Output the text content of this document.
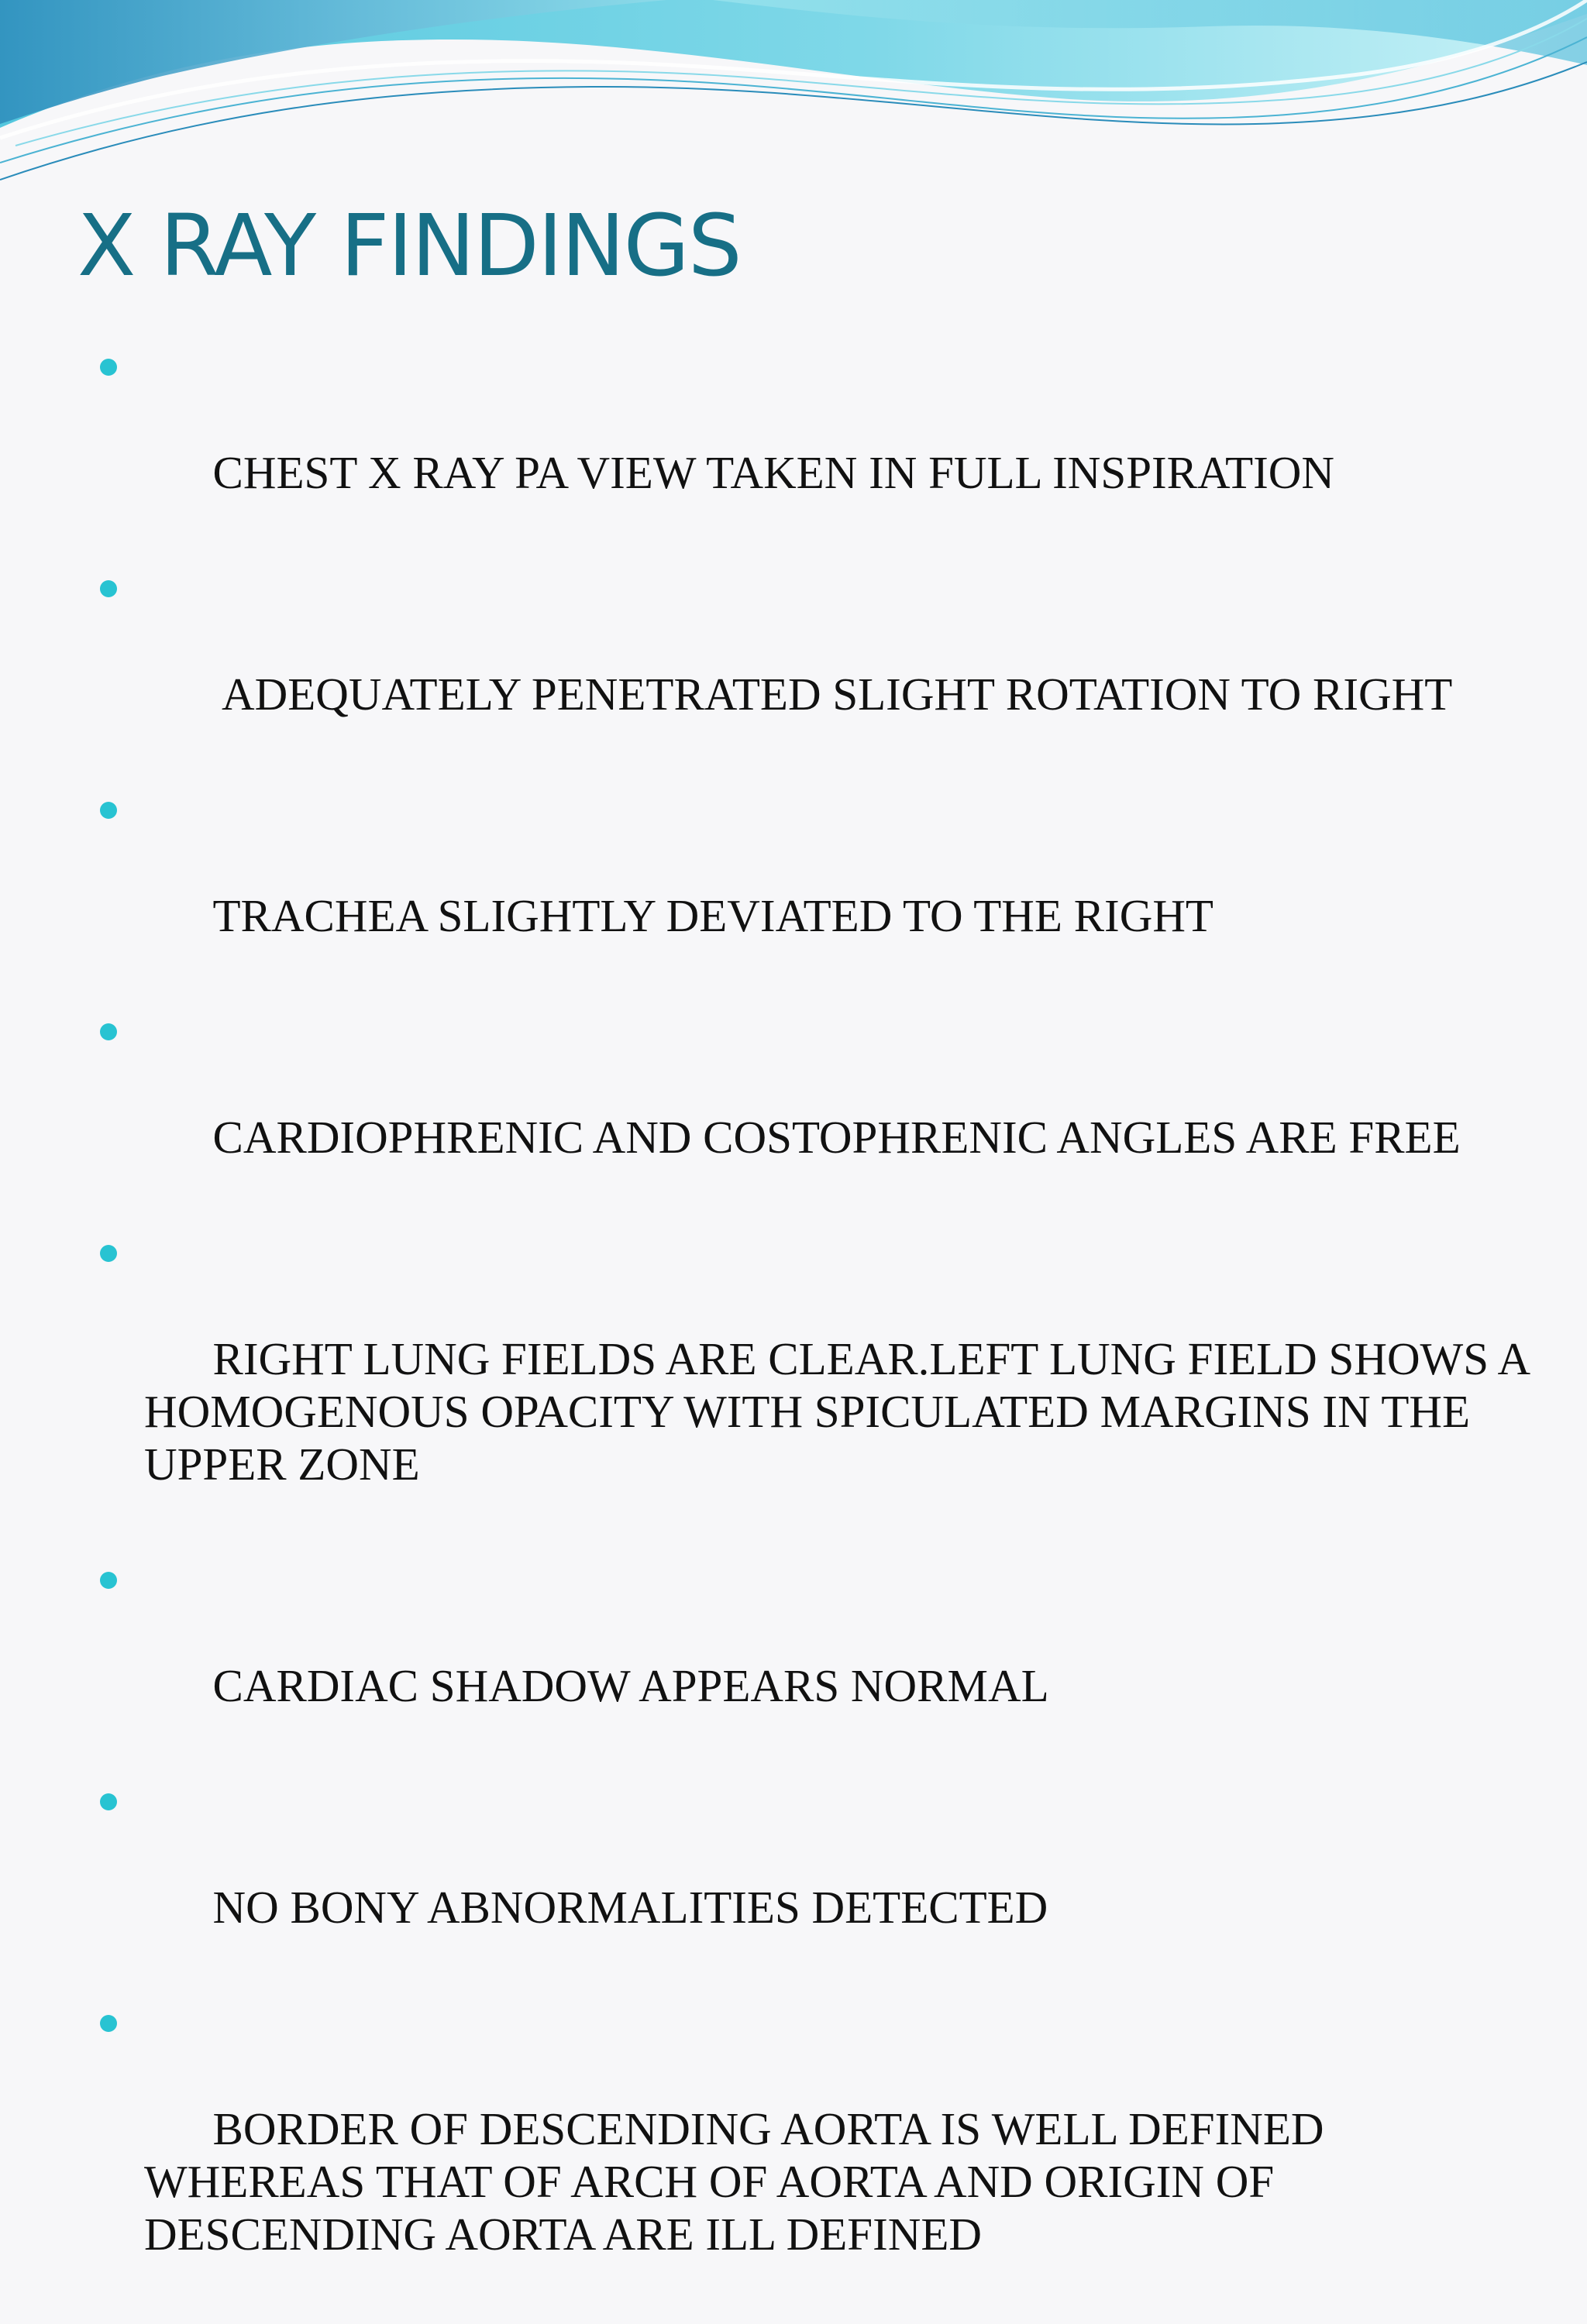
X RAY FINDINGS

CHEST X RAY PA VIEW TAKEN IN FULL INSPIRATION

ADEQUATELY PENETRATED SLIGHT ROTATION TO RIGHT

TRACHEA SLIGHTLY DEVIATED TO THE RIGHT

CARDIOPHRENIC AND COSTOPHRENIC ANGLES ARE FREE

RIGHT LUNG FIELDS ARE CLEAR.LEFT LUNG FIELD SHOWS A HOMOGENOUS OPACITY WITH SPICULATED MARGINS IN THE UPPER ZONE

CARDIAC SHADOW APPEARS NORMAL

NO BONY ABNORMALITIES DETECTED

BORDER OF DESCENDING AORTA IS WELL DEFINED WHEREAS THAT OF ARCH OF AORTA AND ORIGIN OF DESCENDING AORTA ARE ILL DEFINED
